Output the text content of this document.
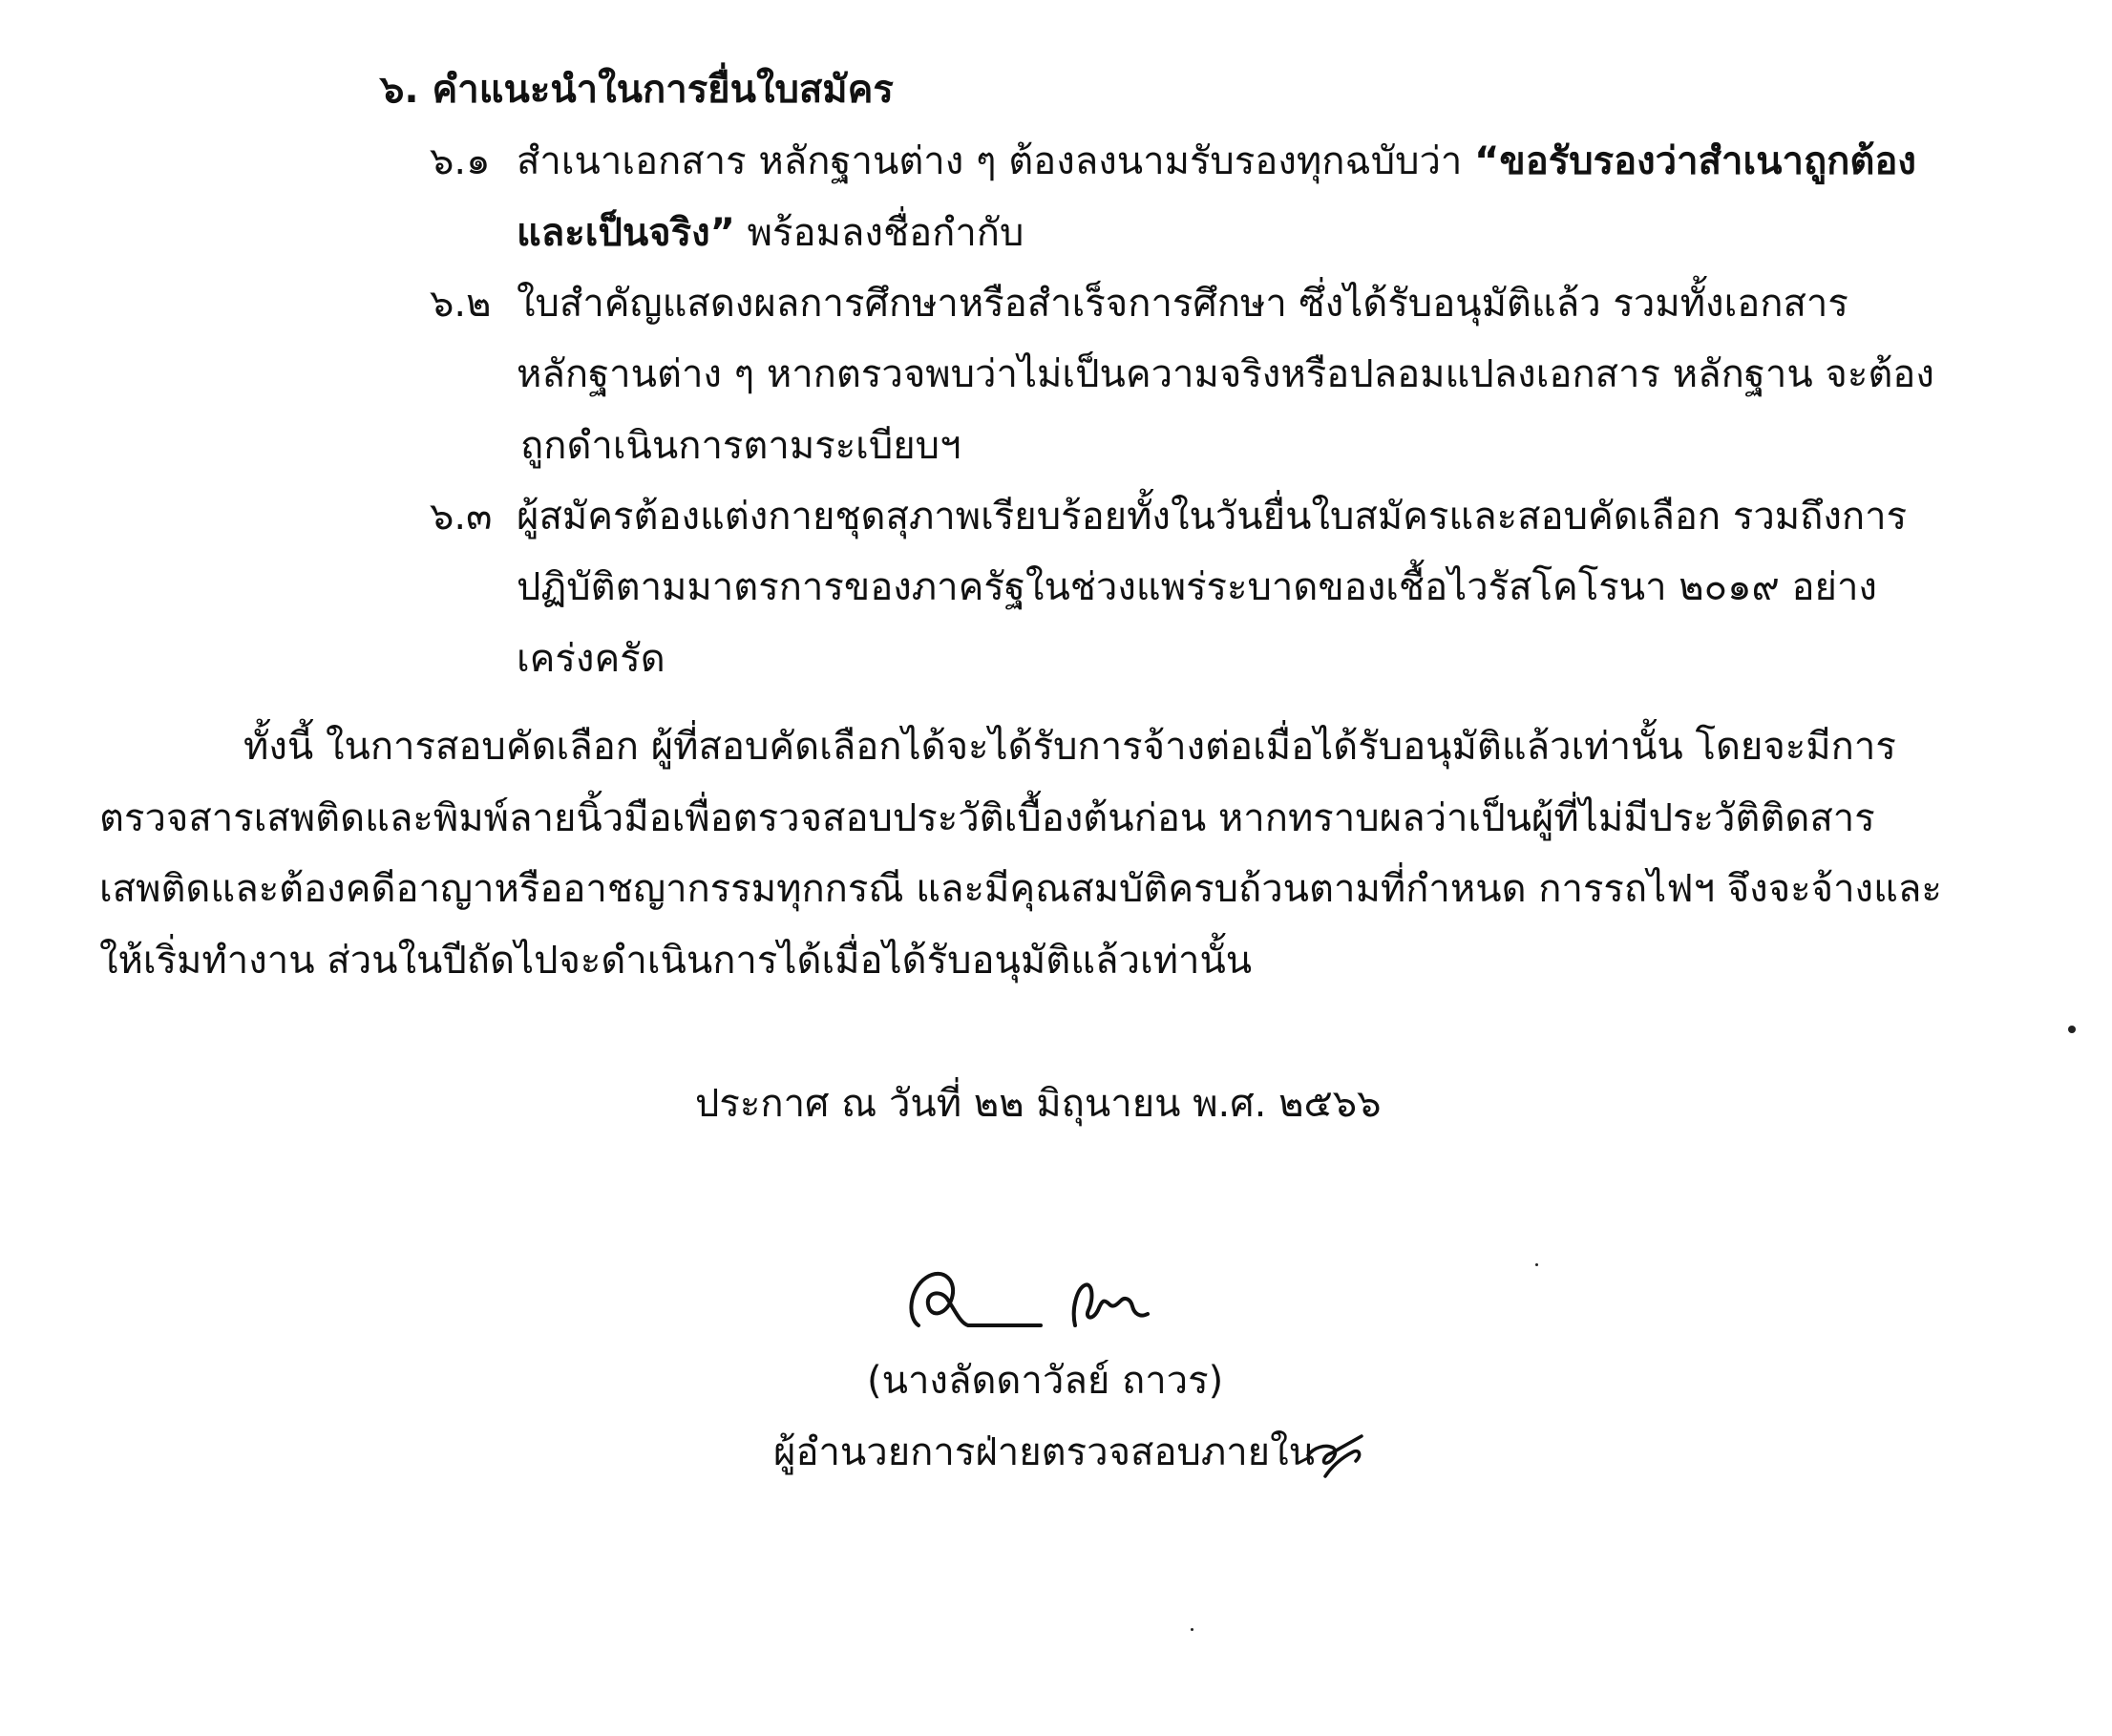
๖. คำแนะนำในการยื่นใบสมัคร
๖.๑ สำเนาเอกสาร หลักฐานต่าง ๆ ต้องลงนามรับรองทุกฉบับว่า “ขอรับรองว่าสำเนาถูกต้อง
และเป็นจริง” พร้อมลงชื่อกำกับ
๖.๒ ใบสำคัญแสดงผลการศึกษาหรือสำเร็จการศึกษา ซึ่งได้รับอนุมัติแล้ว รวมทั้งเอกสาร
หลักฐานต่าง ๆ หากตรวจพบว่าไม่เป็นความจริงหรือปลอมแปลงเอกสาร หลักฐาน จะต้อง
ถูกดำเนินการตามระเบียบฯ
๖.๓ ผู้สมัครต้องแต่งกายชุดสุภาพเรียบร้อยทั้งในวันยื่นใบสมัครและสอบคัดเลือก รวมถึงการ
ปฏิบัติตามมาตรการของภาครัฐในช่วงแพร่ระบาดของเชื้อไวรัสโคโรนา ๒๐๑๙ อย่าง
เคร่งครัด
ทั้งนี้ ในการสอบคัดเลือก ผู้ที่สอบคัดเลือกได้จะได้รับการจ้างต่อเมื่อได้รับอนุมัติแล้วเท่านั้น โดยจะมีการ
ตรวจสารเสพติดและพิมพ์ลายนิ้วมือเพื่อตรวจสอบประวัติเบื้องต้นก่อน หากทราบผลว่าเป็นผู้ที่ไม่มีประวัติติดสาร
เสพติดและต้องคดีอาญาหรืออาชญากรรมทุกกรณี และมีคุณสมบัติครบถ้วนตามที่กำหนด การรถไฟฯ จึงจะจ้างและ
ให้เริ่มทำงาน ส่วนในปีถัดไปจะดำเนินการได้เมื่อได้รับอนุมัติแล้วเท่านั้น
ประกาศ ณ วันที่ ๒๒ มิถุนายน พ.ศ. ๒๕๖๖
(นางลัดดาวัลย์ ถาวร)
ผู้อำนวยการฝ่ายตรวจสอบภายใน
